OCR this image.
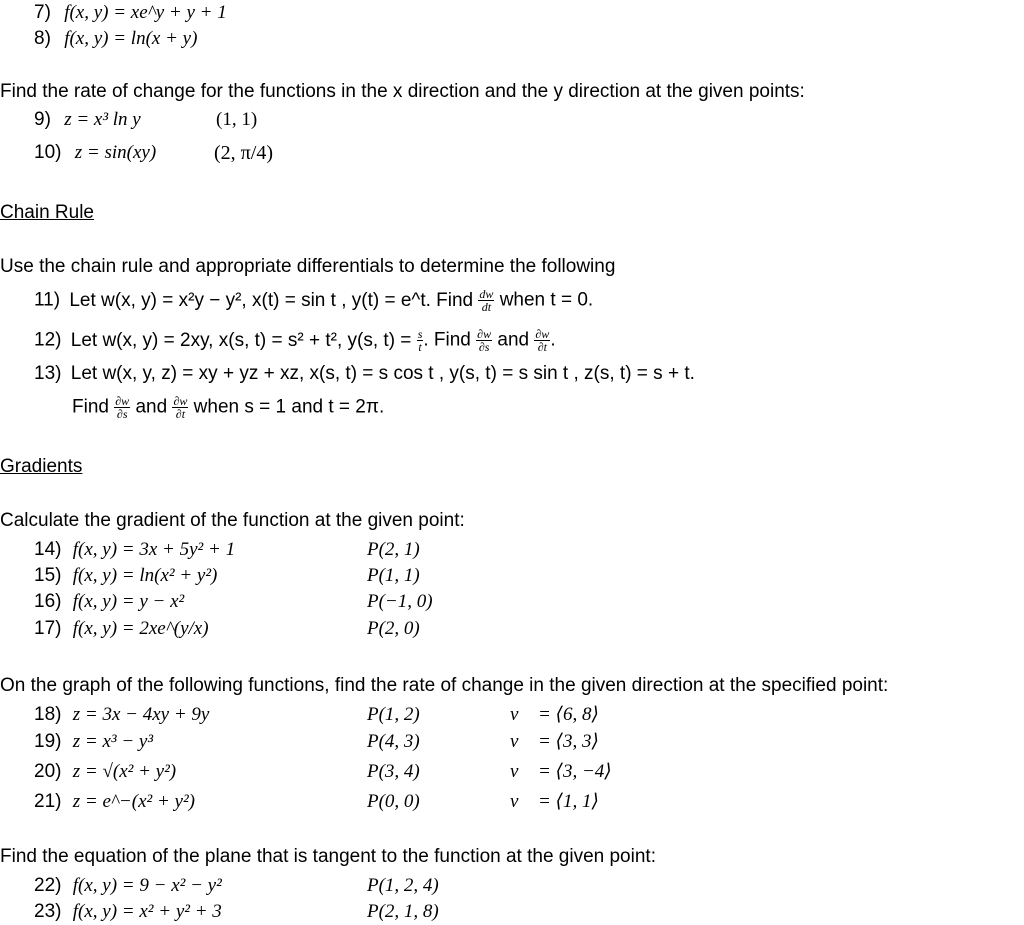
7) f(x, y) = xe^y + y + 1
8) f(x, y) = ln(x + y)
Find the rate of change for the functions in the x direction and the y direction at the given points:
9) z = x³ ln y	(1, 1)
10) z = sin(xy)	(2, π/4)
Chain Rule
Use the chain rule and appropriate differentials to determine the following
11) Let w(x, y) = x²y − y², x(t) = sin t , y(t) = e^t. Find $\frac{dw}{dt}$ when t = 0.
12) Let w(x, y) = 2xy, x(s, t) = s² + t², y(s, $t) = \frac{s}{t}$ . Find $\frac{\partial w}{\partial s}$ and $\frac{\partial w}{\partial t}$ .
13) Let w(x, y, z) = xy + yz + xz, x(s, t) = s cos t , y(s, t) = s sin t , z(s, t) = s + t.
Find $\frac{\partial w}{\partial s}$ and $\frac{\partial w}{\partial t}$ when s = 1 and t = 2π.
Gradients
Calculate the gradient of the function at the given point:
14) f(x, y) = 3x + 5y² + 1	P(2, 1)
15) f(x, y) = ln(x² + y²)	P(1, 1)
16) f(x, y) = y − x²	P(−1, 0)
17) f(x, y) = 2xe^(y/x)	P(2, 0)
On the graph of the following functions, find the rate of change in the given direction at the specified point:
18) z = 3x − 4xy + 9y	P(1, 2)	v⃗ = ⟨6, 8⟩
19) z = x³ − y³	P(4, 3)	v⃗ = ⟨3, 3⟩
20) z = √(x² + y²)	P(3, 4)	v⃗ = ⟨3, −4⟩
21) z = e^−(x² + y²)	P(0, 0)	v⃗ = ⟨1, 1⟩
Find the equation of the plane that is tangent to the function at the given point:
22) f(x, y) = 9 − x² − y²	P(1, 2, 4)
23) f(x, y) = x² + y² + 3	P(2, 1, 8)
